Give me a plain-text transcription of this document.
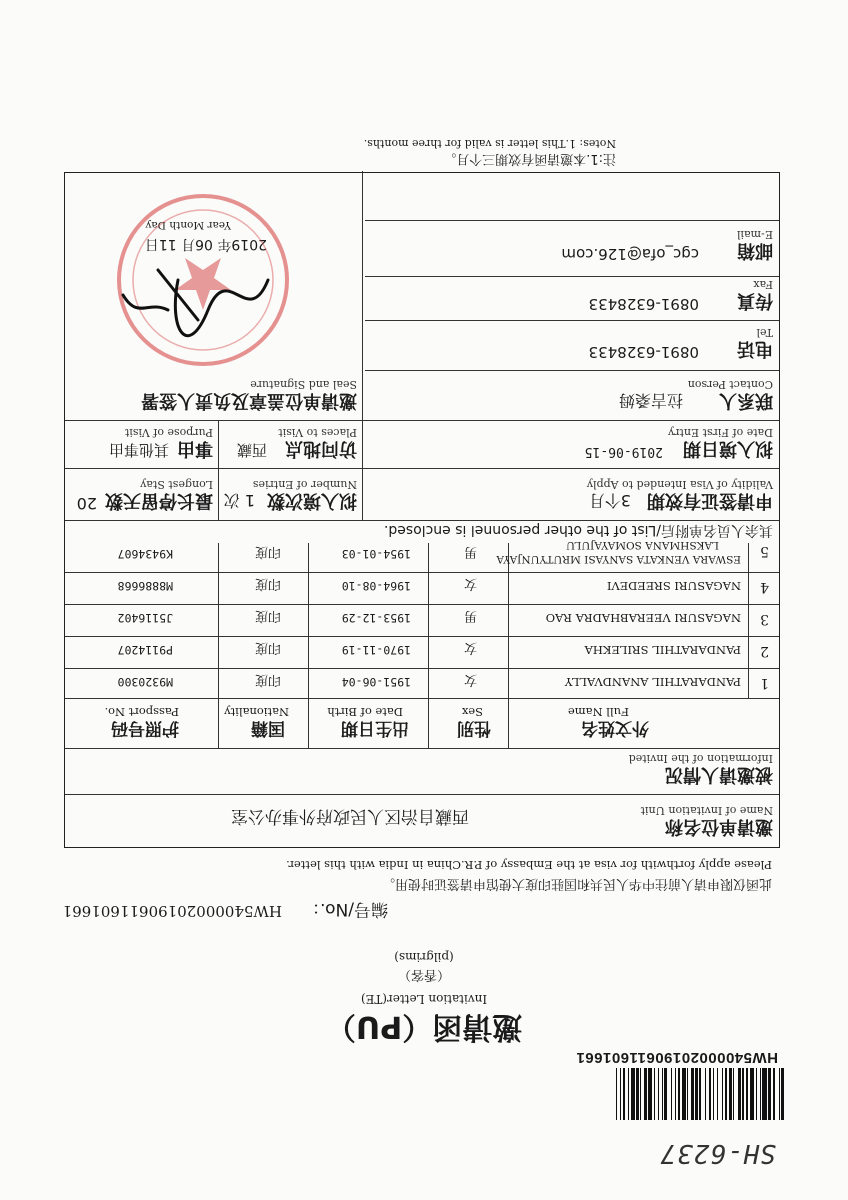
SH-6237
HW54000020190611601661
邀请函（PU）
Invitation Letter(TE)
（香客）
(pilgrims)
编号/No.：
HW54000020190611601661
此函仅限申请人前往中华人民共和国驻印度大使馆申请签证时使用。
Please apply forthwith for visa at the Embassy of P.R.China in India with this letter.
邀请单位名称
Name of Invitation Unit
西藏自治区人民政府外事办公室
被邀请人情况
Information of the Invited
外文姓名
Full Name
性别
Sex
出生日期
Date of Birth
国籍
Nationality
护照号码
Passport No.
1
PANDARATHIL ANANDVALLY
女
1951-06-04
印度
M9320300
2
PANDARATHIL SRILEKHA
女
1970-11-19
印度
P9114207
3
NAGASURI VEERABHADRA RAO
男
1953-12-29
印度
J5116402
4
NAGASURI SREEDEVI
女
1964-08-10
印度
M8886668
5
ESWARA VENKATA SANYASI MRUTYUNJAYA
LAKSHMANA SOMAYAJULU
男
1954-01-03
印度
K9434607
其余人员名单附后/List of the other personnel is enclosed.
申请签证有效期
Validity of Visa Intended to Apply
3个月
拟入境次数
Number of Entries
1 次
最长停留天数
Longest Stay
20
拟入境日期
Date of First Entry
2019-06-15
访问地点
Places to Visit
西藏
事由
Purpose of Visit
其他事由
联系人
Contact Person
拉吉桑姆
邀请单位盖章及负责人签署
Seal and Signature
电话
Tel
0891-6328433
传真
Fax
0891-6328433
邮箱
E-mail
cgc_ofa@126.com
2019年 06月 11日
Year Month Day
注:1.本邀请函有效期三个月。
Notes: 1.This letter is valid for three months.
